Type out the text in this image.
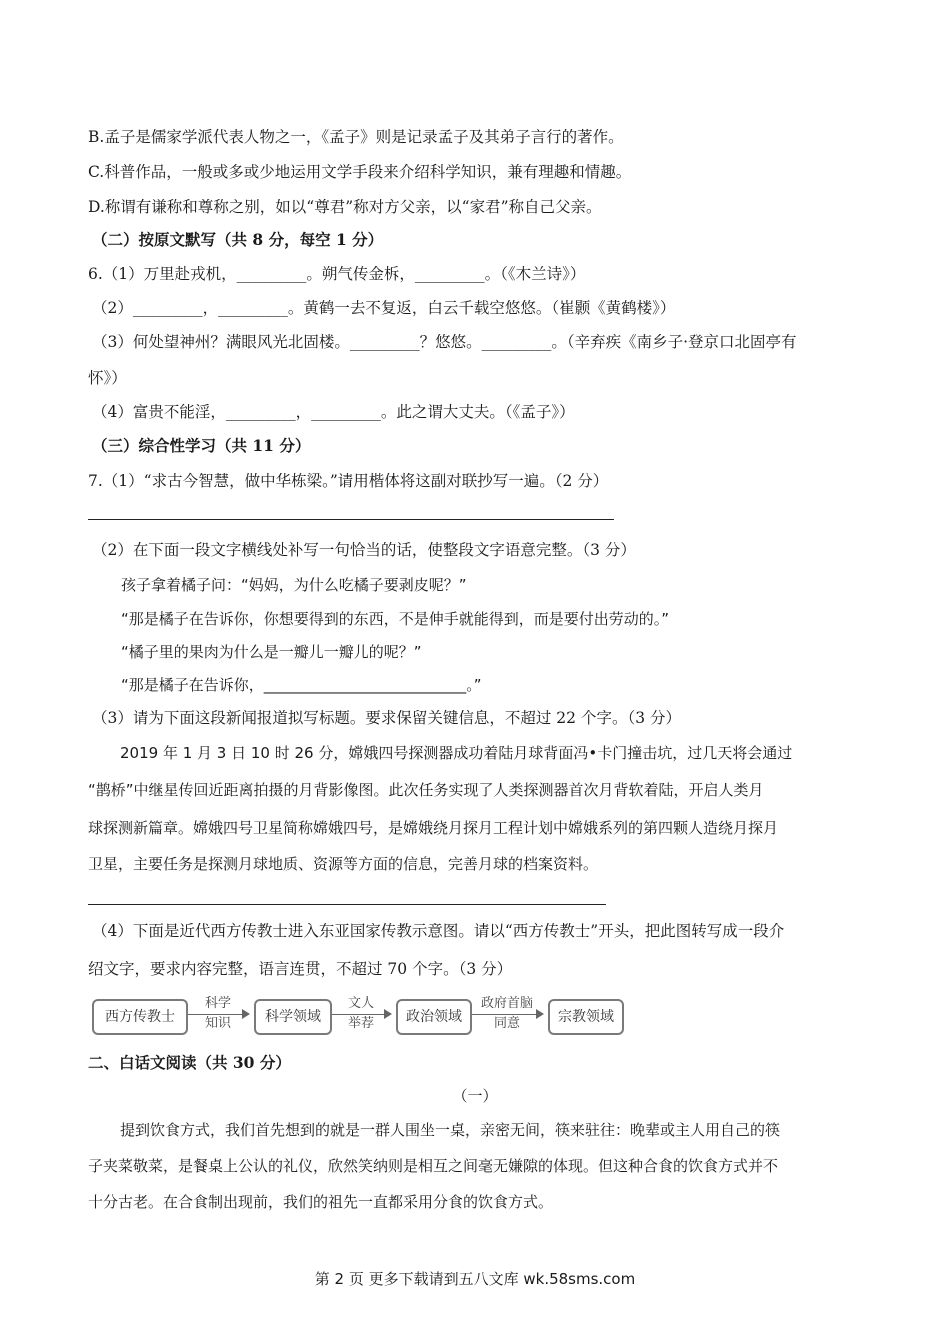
B.孟子是儒家学派代表人物之一，《孟子》则是记录孟子及其弟子言行的著作。
C.科普作品，一般或多或少地运用文学手段来介绍科学知识，兼有理趣和情趣。
D.称谓有谦称和尊称之别，如以“尊君”称对方父亲，以“家君”称自己父亲。
（二）按原文默写（共 8 分，每空 1 分）
6.（1）万里赴戎机，_________。朔气传金柝，_________。（《木兰诗》）
（2）_________，_________。黄鹤一去不复返，白云千载空悠悠。（崔颢《黄鹤楼》）
（3）何处望神州？满眼风光北固楼。_________？悠悠。_________。（辛弃疾《南乡子·登京口北固亭有
怀》）
（4）富贵不能淫，_________，_________。此之谓大丈夫。（《孟子》）
（三）综合性学习（共 11 分）
7.（1）“求古今智慧，做中华栋梁。”请用楷体将这副对联抄写一遍。（2 分）
（2）在下面一段文字横线处补写一句恰当的话，使整段文字语意完整。（3 分）
孩子拿着橘子问：“妈妈，为什么吃橘子要剥皮呢？”
“那是橘子在告诉你，你想要得到的东西，不是伸手就能得到，而是要付出劳动的。”
“橘子里的果肉为什么是一瓣儿一瓣儿的呢？”
“那是橘子在告诉你，___________________________。”
（3）请为下面这段新闻报道拟写标题。要求保留关键信息，不超过 22 个字。（3 分）
2019 年 1 月 3 日 10 时 26 分，嫦娥四号探测器成功着陆月球背面冯•卡门撞击坑，过几天将会通过
“鹊桥”中继星传回近距离拍摄的月背影像图。此次任务实现了人类探测器首次月背软着陆，开启人类月
球探测新篇章。嫦娥四号卫星简称嫦娥四号，是嫦娥绕月探月工程计划中嫦娥系列的第四颗人造绕月探月
卫星，主要任务是探测月球地质、资源等方面的信息，完善月球的档案资料。
（4）下面是近代西方传教士进入东亚国家传教示意图。请以“西方传教士”开头，把此图转写成一段介
绍文字，要求内容完整，语言连贯，不超过 70 个字。（3 分）
西方传教士
科学
知识	科学领域
文人
举荐	政治领域
政府首脑
同意	宗教领域
二、白话文阅读（共 30 分）
（一）
提到饮食方式，我们首先想到的就是一群人围坐一桌，亲密无间，筷来驻往：晚辈或主人用自己的筷
子夹菜敬菜，是餐桌上公认的礼仪，欣然笑纳则是相互之间毫无嫌隙的体现。但这种合食的饮食方式并不
十分古老。在合食制出现前，我们的祖先一直都采用分食的饮食方式。
第 2 页 更多下载请到五八文库 wk.58sms.com
